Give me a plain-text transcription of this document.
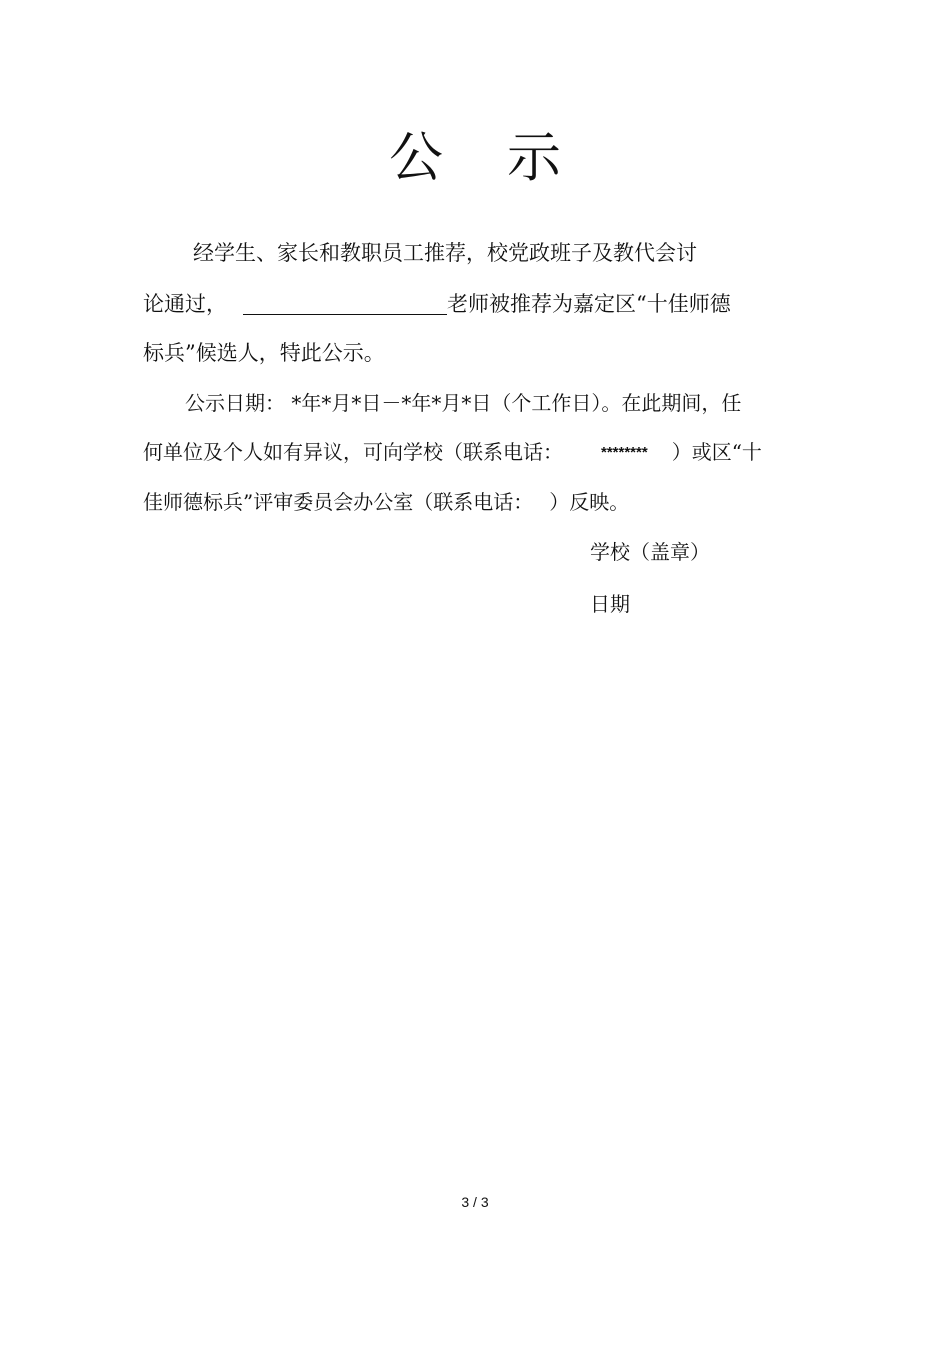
公 示
经学生、家长和教职员工推荐，校党政班子及教代会讨
论通过，	老师被推荐为嘉定区“十佳师德
标兵”候选人，特此公示。
公示日期： *年*月*日－*年*月*日（个工作日）。在此期间，任
何单位及个人如有异议，可向学校（联系电话：	******** ）或区“十
佳师德标兵”评审委员会办公室（联系电话： ）反映。
学校（盖章）
日期
3 / 3
